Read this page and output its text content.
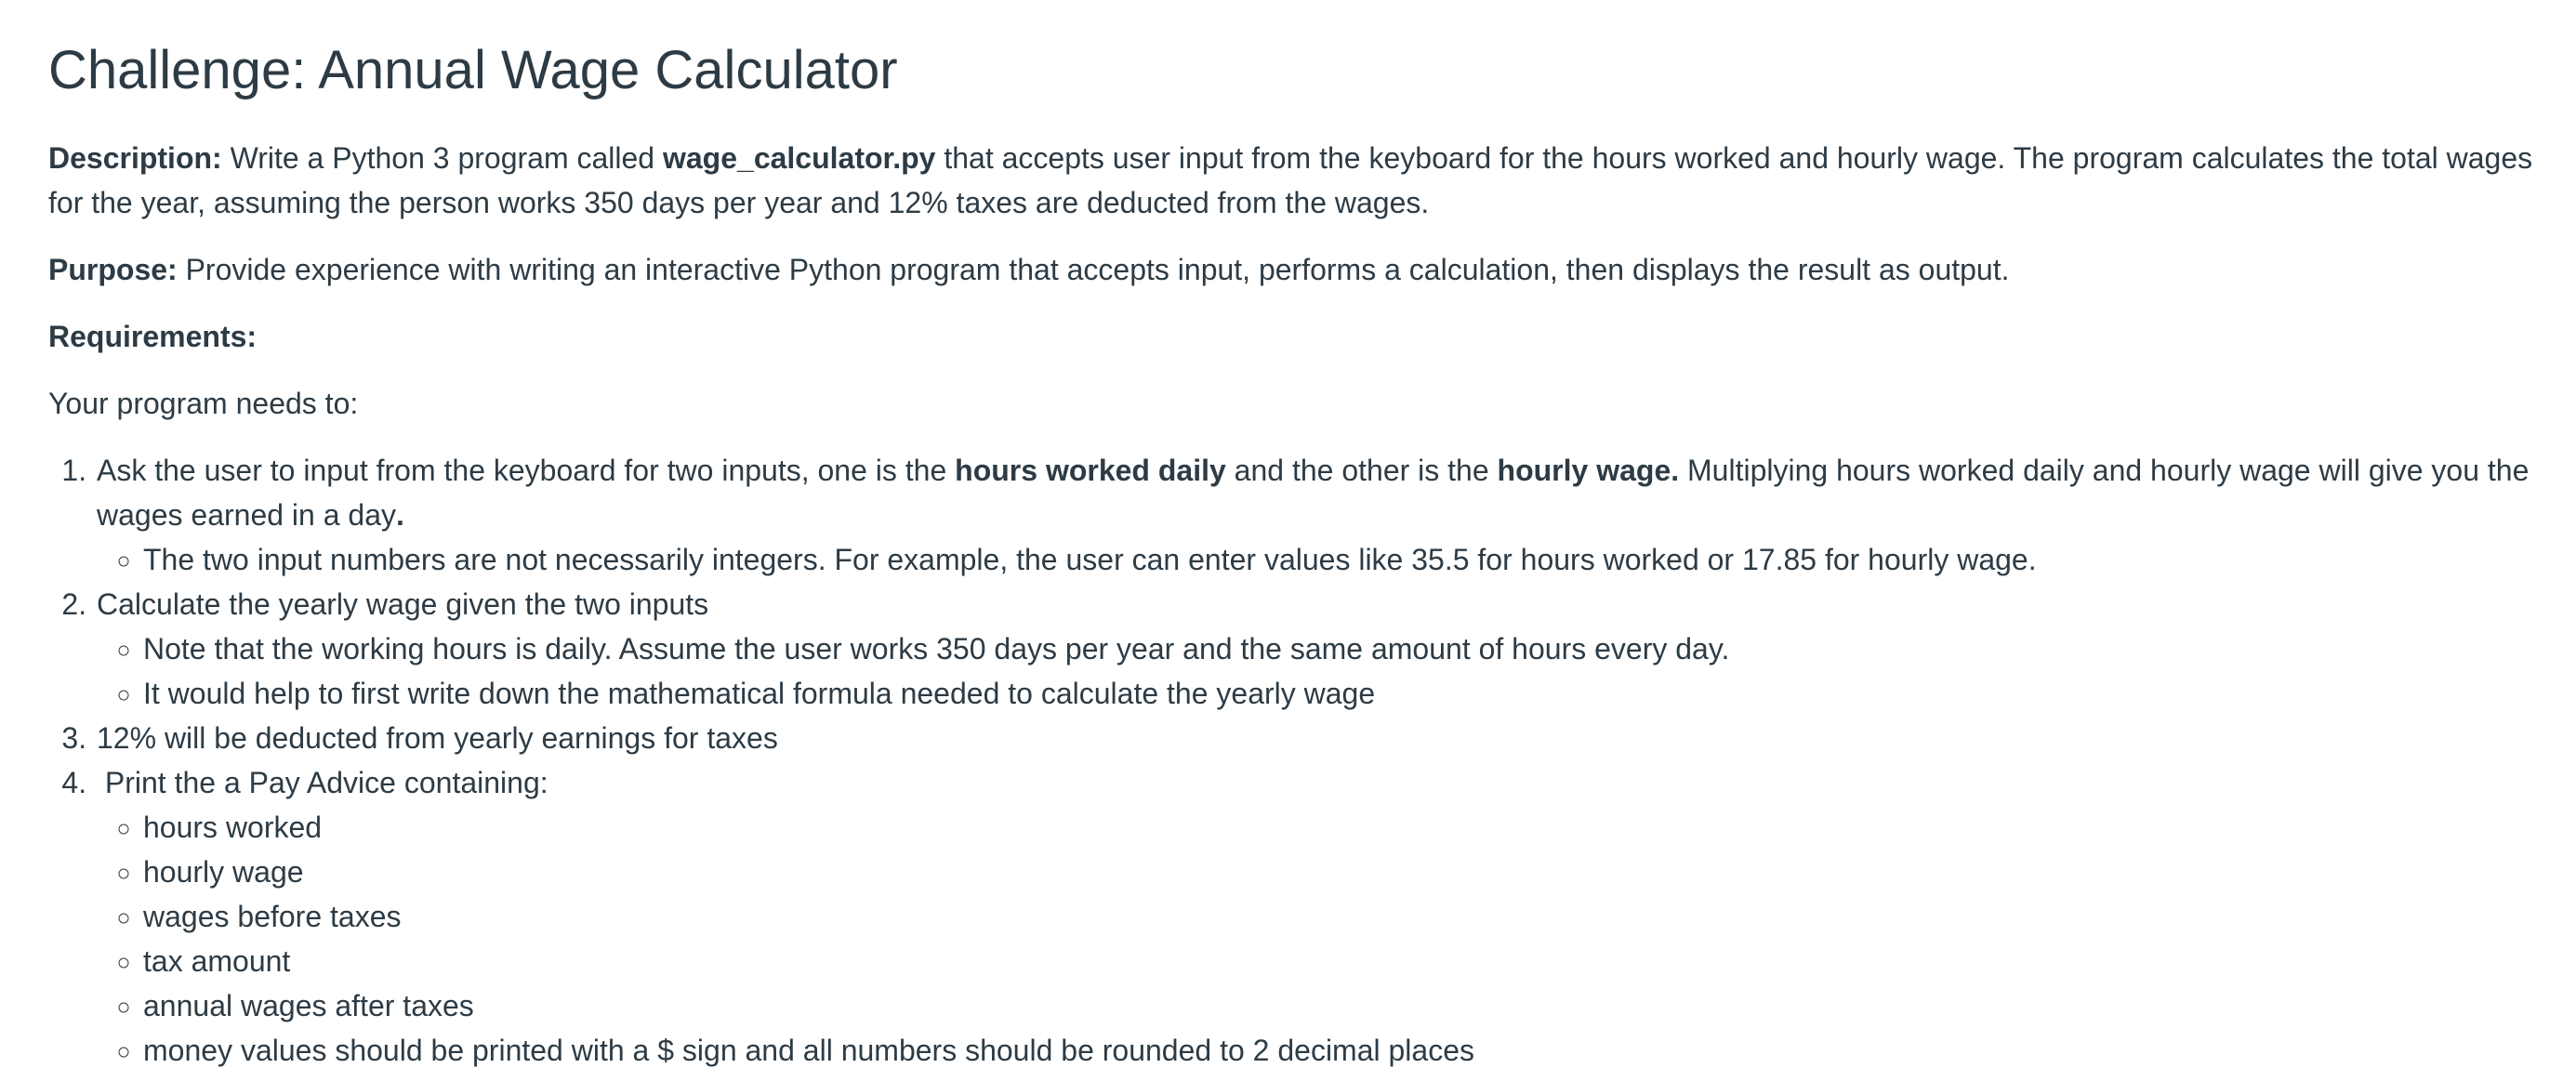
Challenge: Annual Wage Calculator

Description: Write a Python 3 program called wage_calculator.py that accepts user input from the keyboard for the hours worked and hourly wage. The program calculates the total wages for the year, assuming the person works 350 days per year and 12% taxes are deducted from the wages.

Purpose: Provide experience with writing an interactive Python program that accepts input, performs a calculation, then displays the result as output.

Requirements:

Your program needs to:

1. Ask the user to input from the keyboard for two inputs, one is the hours worked daily and the other is the hourly wage. Multiplying hours worked daily and hourly wage will give you the wages earned in a day.
◦ The two input numbers are not necessarily integers. For example, the user can enter values like 35.5 for hours worked or 17.85 for hourly wage.
2. Calculate the yearly wage given the two inputs
◦ Note that the working hours is daily. Assume the user works 350 days per year and the same amount of hours every day.
◦ It would help to first write down the mathematical formula needed to calculate the yearly wage
3. 12% will be deducted from yearly earnings for taxes
4.  Print the a Pay Advice containing:
◦ hours worked
◦ hourly wage
◦ wages before taxes
◦ tax amount
◦ annual wages after taxes
◦ money values should be printed with a $ sign and all numbers should be rounded to 2 decimal places
